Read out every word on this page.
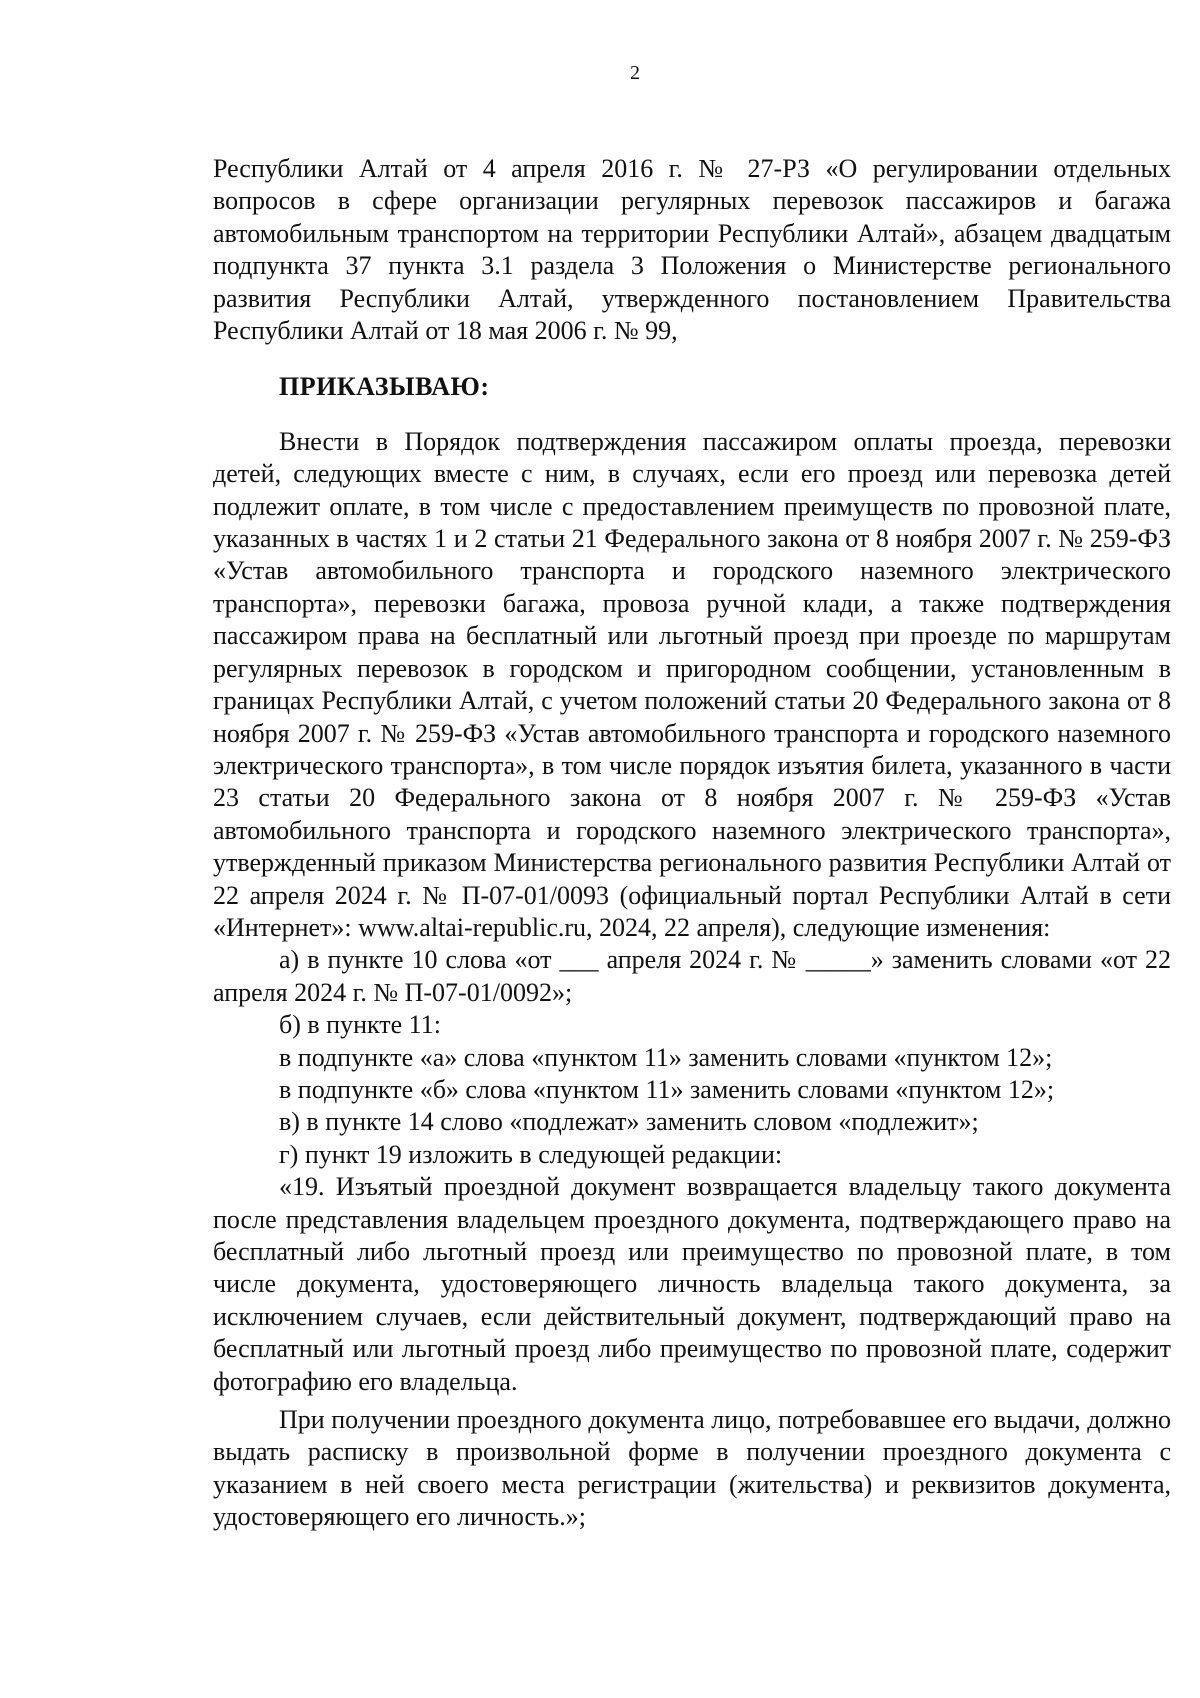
2

Республики Алтай от 4 апреля 2016 г. № 27-РЗ «О регулировании отдельных вопросов в сфере организации регулярных перевозок пассажиров и багажа автомобильным транспортом на территории Республики Алтай», абзацем двадцатым подпункта 37 пункта 3.1 раздела 3 Положения о Министерстве регионального развития Республики Алтай, утвержденного постановлением Правительства Республики Алтай от 18 мая 2006 г. № 99,

ПРИКАЗЫВАЮ:

Внести в Порядок подтверждения пассажиром оплаты проезда, перевозки детей, следующих вместе с ним, в случаях, если его проезд или перевозка детей подлежит оплате, в том числе с предоставлением преимуществ по провозной плате, указанных в частях 1 и 2 статьи 21 Федерального закона от 8 ноября 2007 г. № 259-ФЗ «Устав автомобильного транспорта и городского наземного электрического транспорта», перевозки багажа, провоза ручной клади, а также подтверждения пассажиром права на бесплатный или льготный проезд при проезде по маршрутам регулярных перевозок в городском и пригородном сообщении, установленным в границах Республики Алтай, с учетом положений статьи 20 Федерального закона от 8 ноября 2007 г. № 259-ФЗ «Устав автомобильного транспорта и городского наземного электрического транспорта», в том числе порядок изъятия билета, указанного в части 23 статьи 20 Федерального закона от 8 ноября 2007 г. № 259-ФЗ «Устав автомобильного транспорта и городского наземного электрического транспорта», утвержденный приказом Министерства регионального развития Республики Алтай от 22 апреля 2024 г. № П-07-01/0093 (официальный портал Республики Алтай в сети «Интернет»: www.altai-republic.ru, 2024, 22 апреля), следующие изменения:

а) в пункте 10 слова «от ___ апреля 2024 г. № _____» заменить словами «от 22 апреля 2024 г. № П-07-01/0092»;

б) в пункте 11:

в подпункте «а» слова «пунктом 11» заменить словами «пунктом 12»;

в подпункте «б» слова «пунктом 11» заменить словами «пунктом 12»;

в) в пункте 14 слово «подлежат» заменить словом «подлежит»;

г) пункт 19 изложить в следующей редакции:

«19. Изъятый проездной документ возвращается владельцу такого документа после представления владельцем проездного документа, подтверждающего право на бесплатный либо льготный проезд или преимущество по провозной плате, в том числе документа, удостоверяющего личность владельца такого документа, за исключением случаев, если действительный документ, подтверждающий право на бесплатный или льготный проезд либо преимущество по провозной плате, содержит фотографию его владельца.

При получении проездного документа лицо, потребовавшее его выдачи, должно выдать расписку в произвольной форме в получении проездного документа с указанием в ней своего места регистрации (жительства) и реквизитов документа, удостоверяющего его личность.»;
